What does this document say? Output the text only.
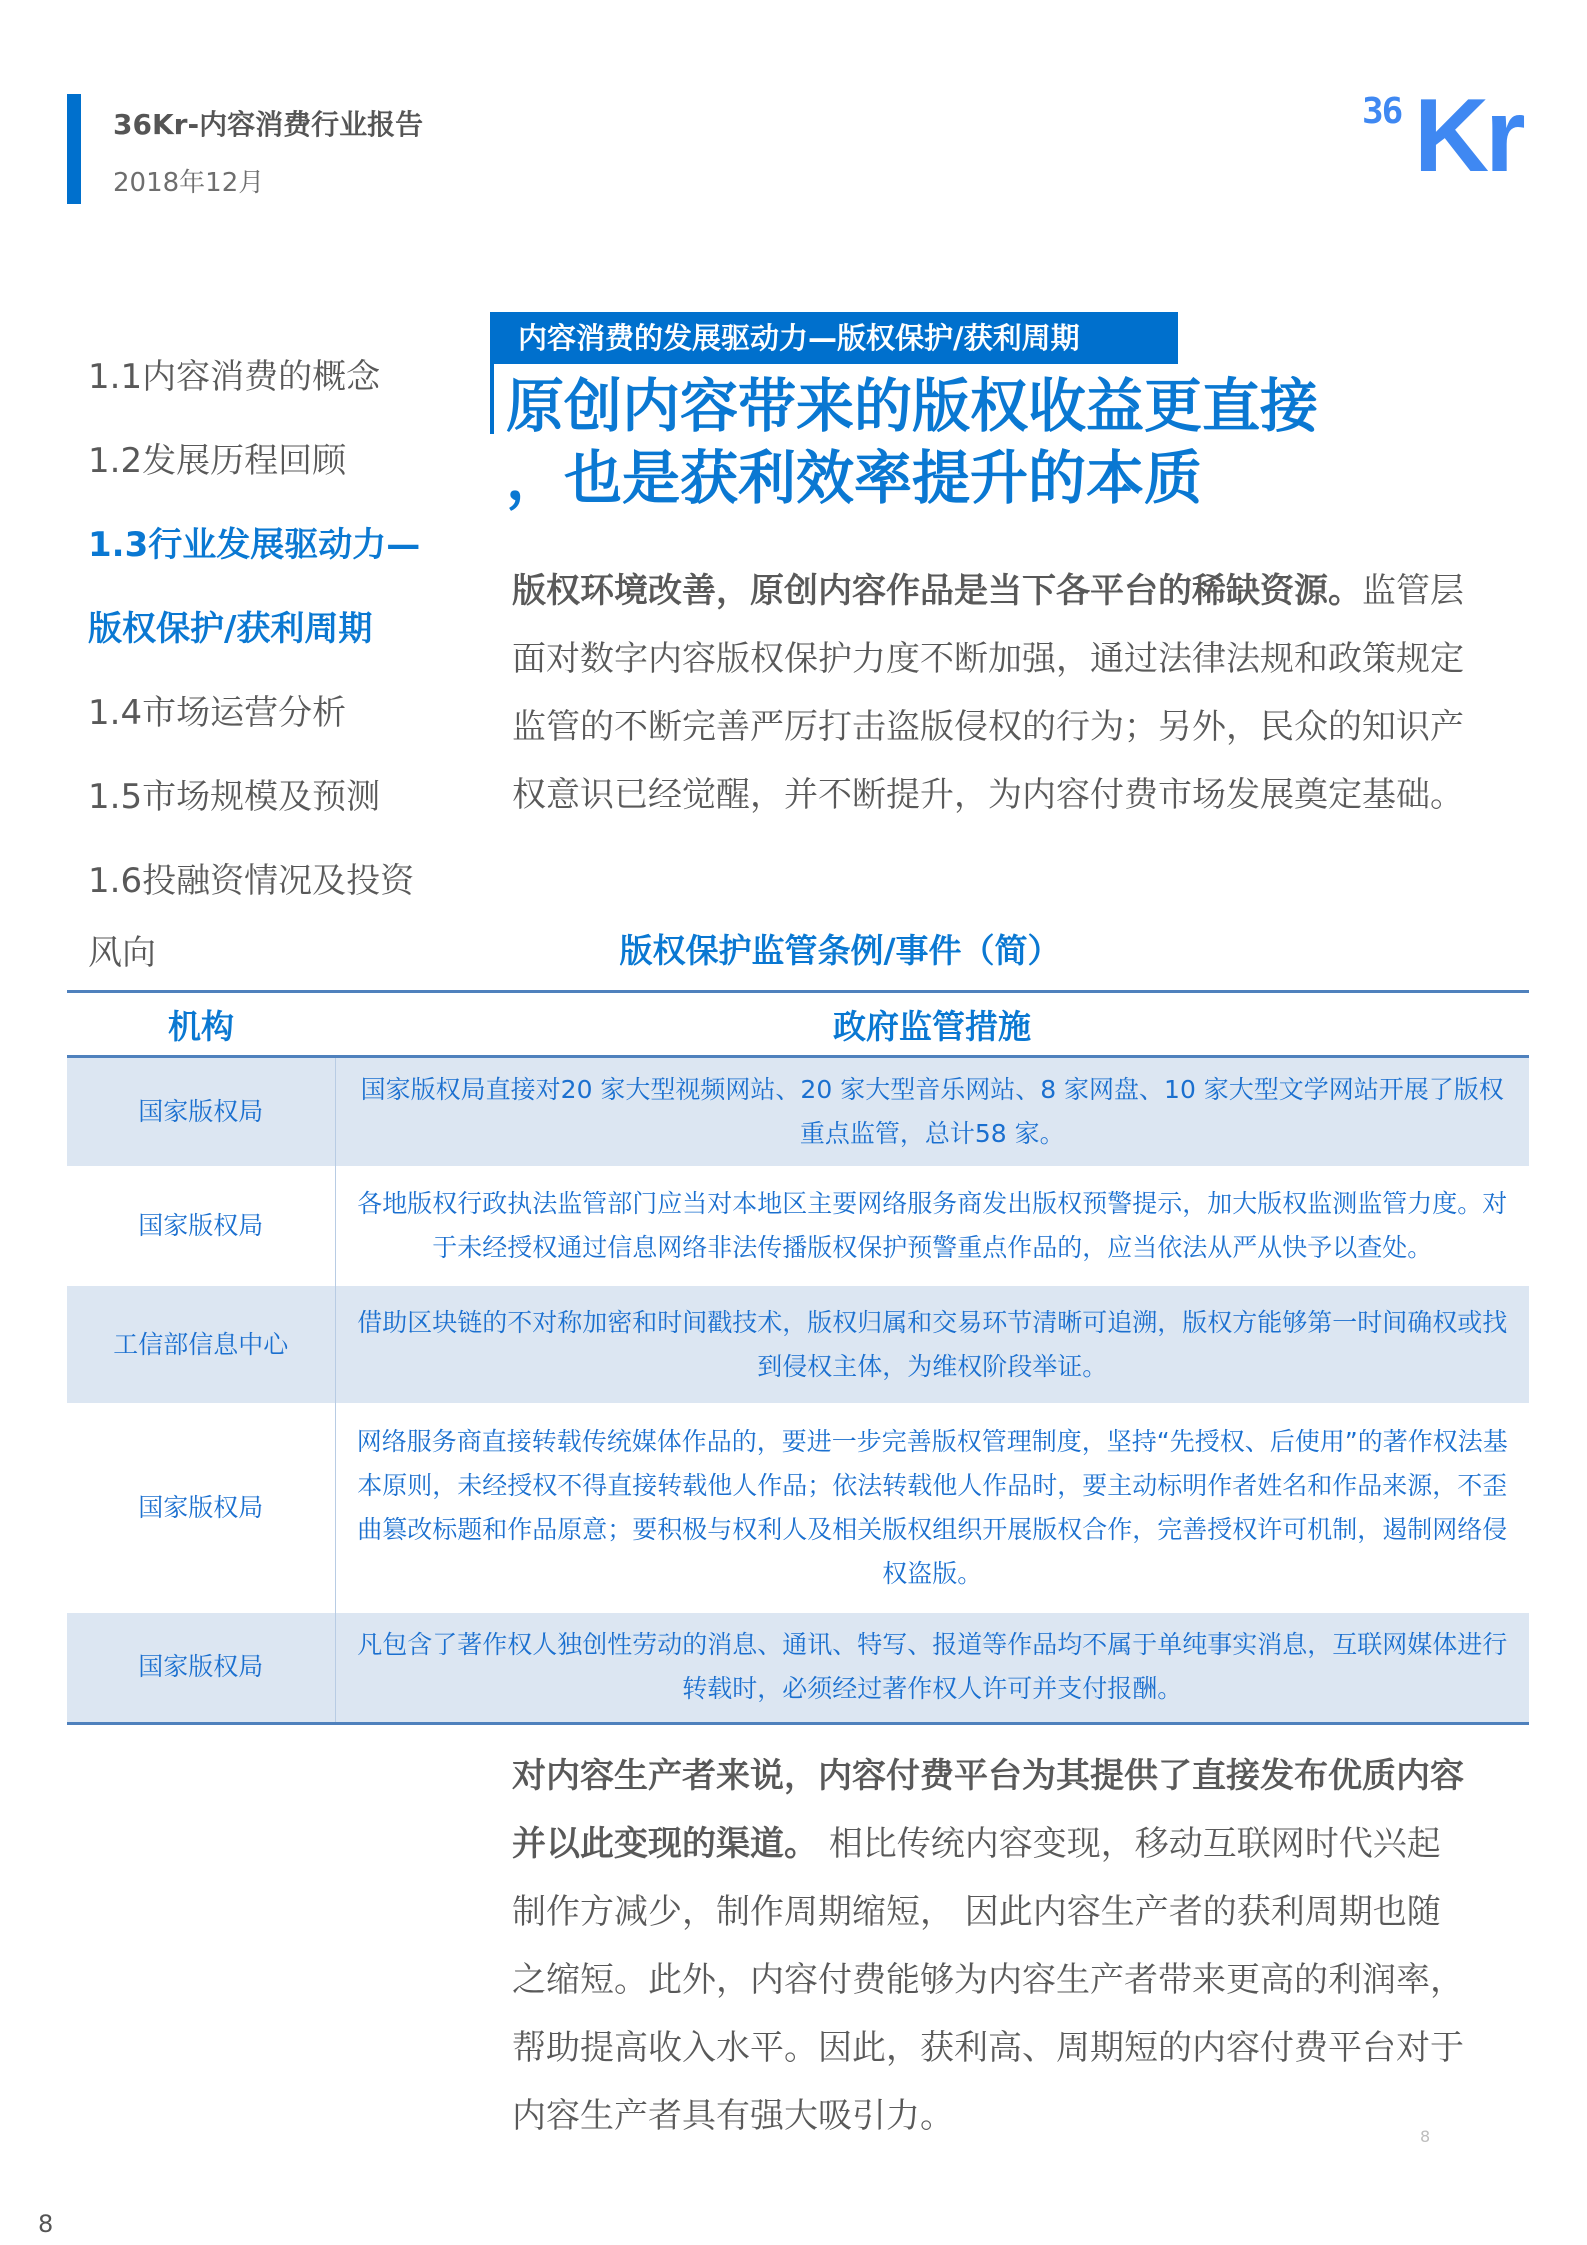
36Kr-内容消费行业报告
2018年12月
36 Kr
1.1内容消费的概念
1.2发展历程回顾
1.3行业发展驱动力—
版权保护/获利周期
1.4市场运营分析
1.5市场规模及预测
1.6投融资情况及投资
风向
内容消费的发展驱动力—版权保护/获利周期
原创内容带来的版权收益更直接
，也是获利效率提升的本质
版权环境改善，原创内容作品是当下各平台的稀缺资源。监管层面对数字内容版权保护力度不断加强，通过法律法规和政策规定监管的不断完善严厉打击盗版侵权的行为；另外，民众的知识产权意识已经觉醒，并不断提升，为内容付费市场发展奠定基础。
版权保护监管条例/事件（简）
机构	政府监管措施
国家版权局	国家版权局直接对20 家大型视频网站、20 家大型音乐网站、8 家网盘、10 家大型文学网站开展了版权重点监管，总计58 家。
国家版权局	各地版权行政执法监管部门应当对本地区主要网络服务商发出版权预警提示，加大版权监测监管力度。对于未经授权通过信息网络非法传播版权保护预警重点作品的，应当依法从严从快予以查处。
工信部信息中心	借助区块链的不对称加密和时间戳技术，版权归属和交易环节清晰可追溯，版权方能够第一时间确权或找到侵权主体，为维权阶段举证。
国家版权局	网络服务商直接转载传统媒体作品的，要进一步完善版权管理制度，坚持“先授权、后使用”的著作权法基本原则，未经授权不得直接转载他人作品；依法转载他人作品时，要主动标明作者姓名和作品来源，不歪曲篡改标题和作品原意；要积极与权利人及相关版权组织开展版权合作，完善授权许可机制，遏制网络侵权盗版。
国家版权局	凡包含了著作权人独创性劳动的消息、通讯、特写、报道等作品均不属于单纯事实消息，互联网媒体进行转载时，必须经过著作权人许可并支付报酬。
对内容生产者来说，内容付费平台为其提供了直接发布优质内容并以此变现的渠道。 相比传统内容变现，移动互联网时代兴起制作方减少，制作周期缩短， 因此内容生产者的获利周期也随之缩短。此外，内容付费能够为内容生产者带来更高的利润率，帮助提高收入水平。因此，获利高、周期短的内容付费平台对于内容生产者具有强大吸引力。
8
8
